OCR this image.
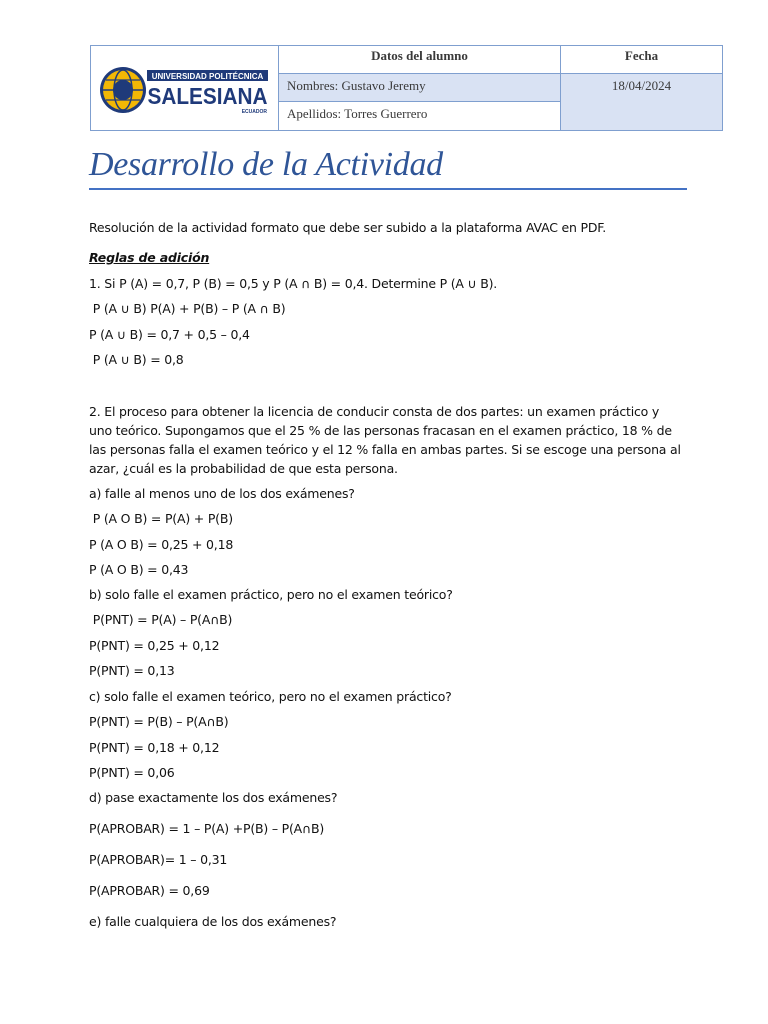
UNIVERSIDAD POLITÉCNICA
SALESIANA
ECUADOR
Datos del alumno	Fecha
Nombres: Gustavo Jeremy	18/04/2024
Apellidos: Torres Guerrero
Desarrollo de la Actividad
Resolución de la actividad formato que debe ser subido a la plataforma AVAC en PDF.
Reglas de adición
1. Si P (A) = 0,7, P (B) = 0,5 y P (A ∩ B) = 0,4. Determine P (A ∪ B).
P (A ∪ B) P(A) + P(B) – P (A ∩ B)
P (A ∪ B) = 0,7 + 0,5 – 0,4
P (A ∪ B) = 0,8
2. El proceso para obtener la licencia de conducir consta de dos partes: un examen práctico y uno teórico. Supongamos que el 25 % de las personas fracasan en el examen práctico, 18 % de las personas falla el examen teórico y el 12 % falla en ambas partes. Si se escoge una persona al azar, ¿cuál es la probabilidad de que esta persona.
a) falle al menos uno de los dos exámenes?
P (A O B) = P(A) + P(B)
P (A O B) = 0,25 + 0,18
P (A O B) = 0,43
b) solo falle el examen práctico, pero no el examen teórico?
P(PNT) = P(A) – P(A∩B)
P(PNT) = 0,25 + 0,12
P(PNT) = 0,13
c) solo falle el examen teórico, pero no el examen práctico?
P(PNT) = P(B) – P(A∩B)
P(PNT) = 0,18 + 0,12
P(PNT) = 0,06
d) pase exactamente los dos exámenes?
P(APROBAR) = 1 – P(A) +P(B) – P(A∩B)
P(APROBAR)= 1 – 0,31
P(APROBAR) = 0,69
e) falle cualquiera de los dos exámenes?
